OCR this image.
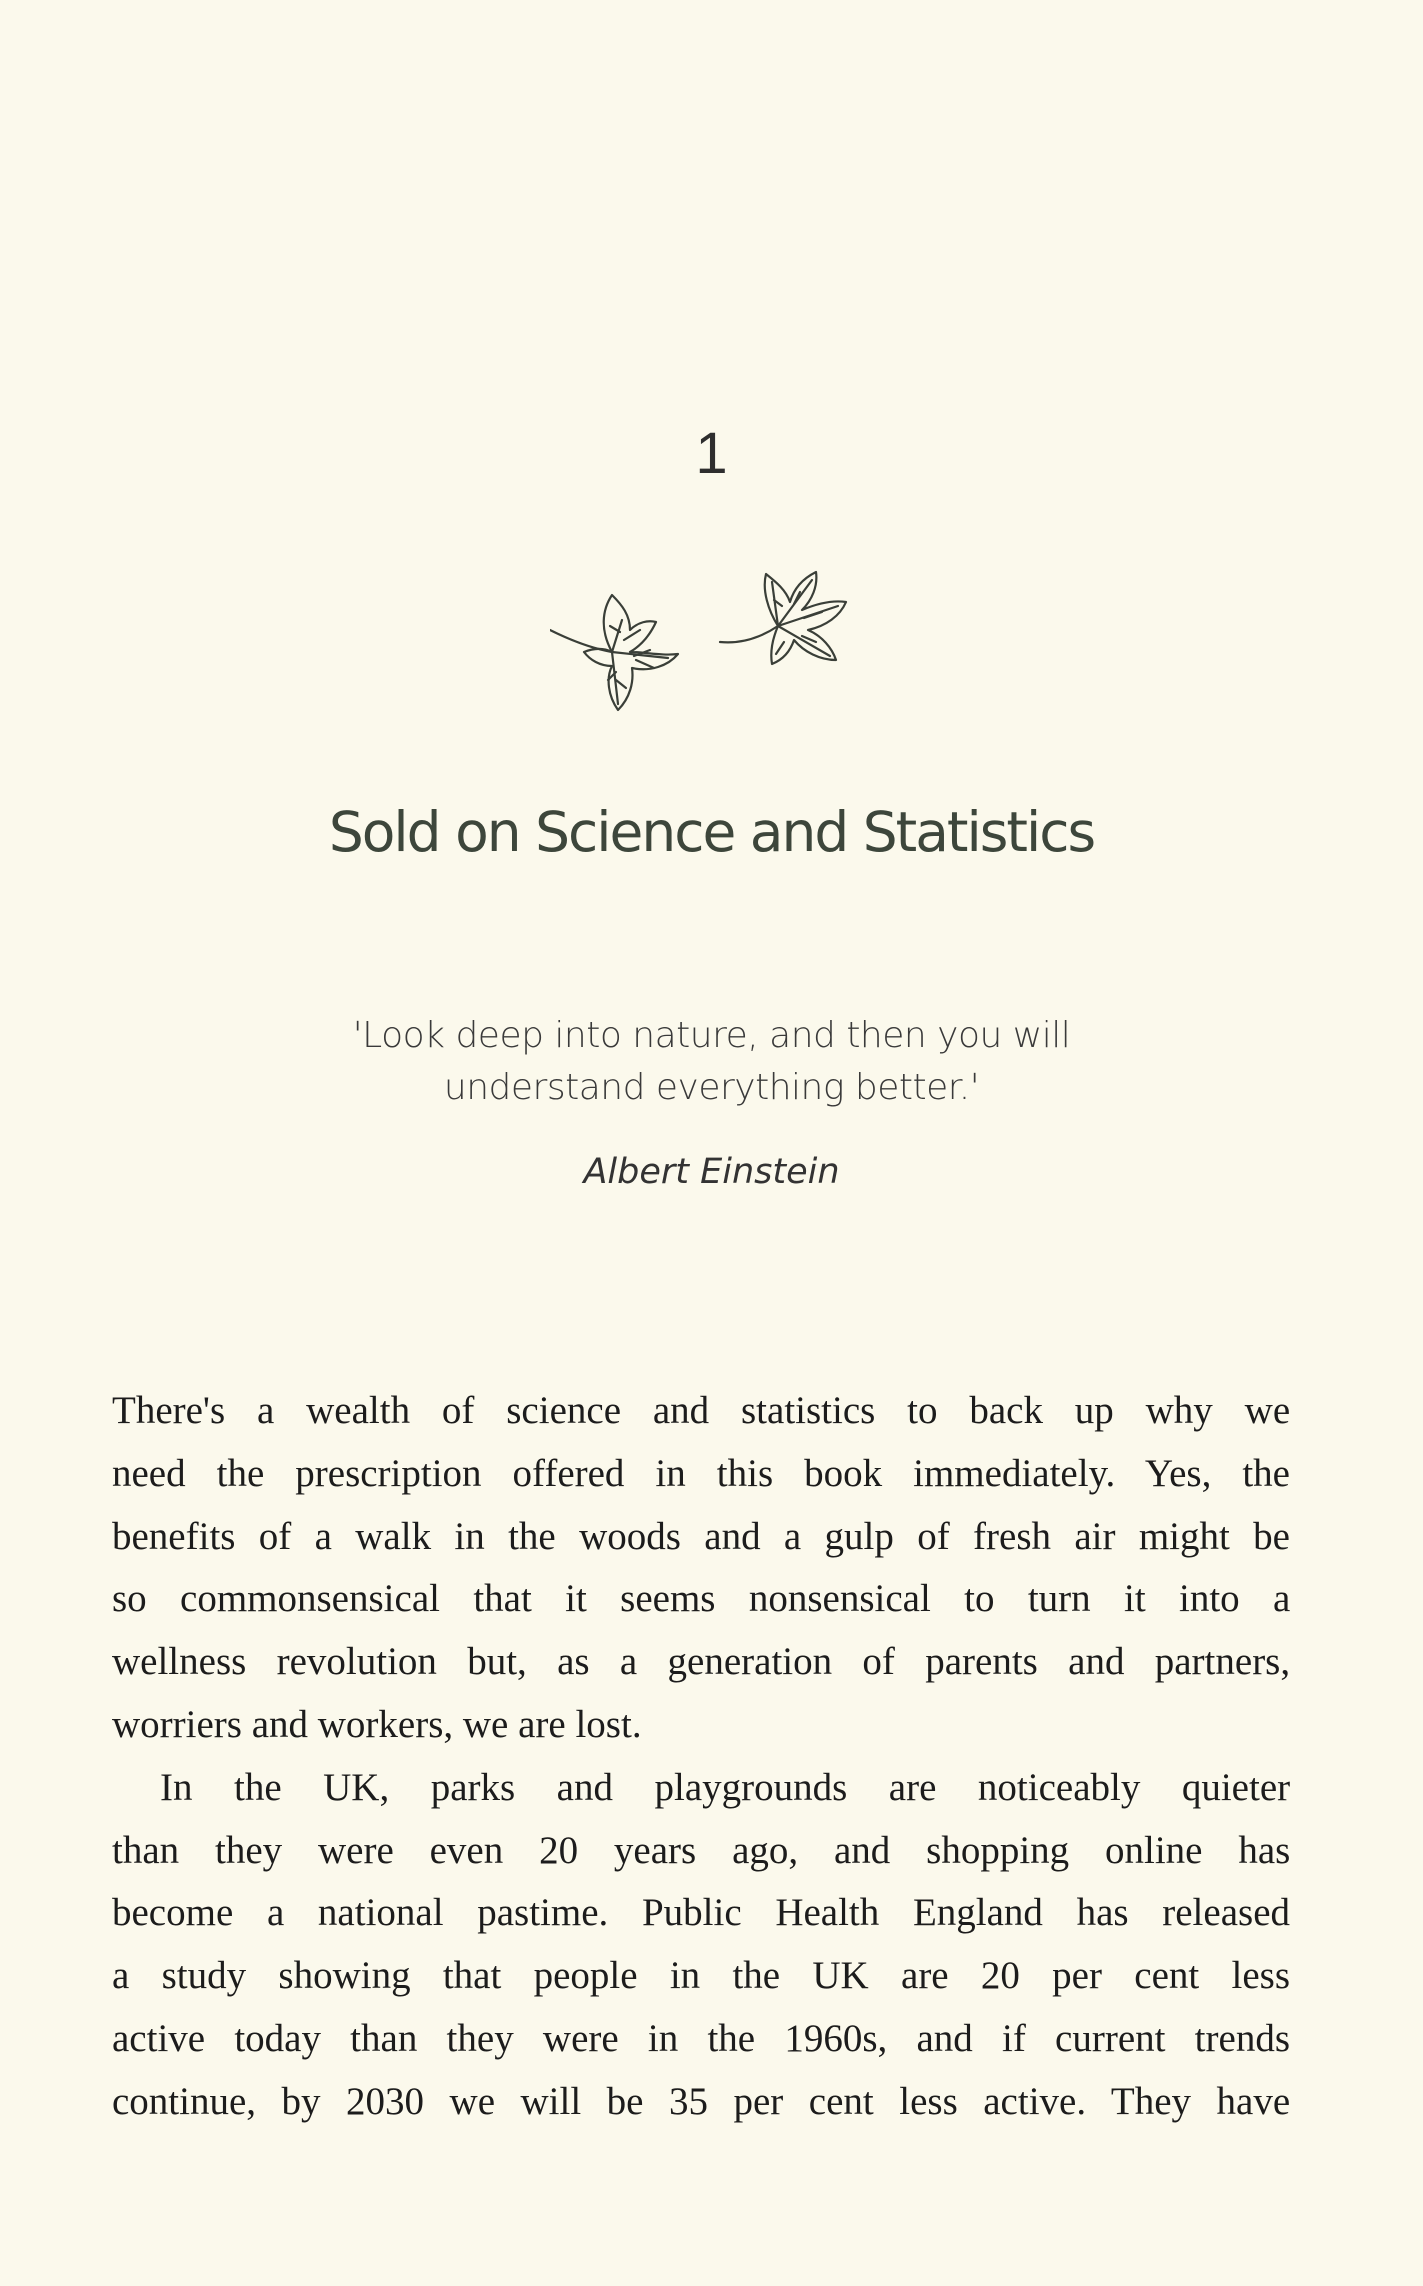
1
Sold on Science and Statistics
'Look deep into nature, and then you will
understand everything better.'
Albert Einstein
There's a wealth of science and statistics to back up why we
need the prescription offered in this book immediately. Yes, the
benefits of a walk in the woods and a gulp of fresh air might be
so commonsensical that it seems nonsensical to turn it into a
wellness revolution but, as a generation of parents and partners,
worriers and workers, we are lost.
In the UK, parks and playgrounds are noticeably quieter
than they were even 20 years ago, and shopping online has
become a national pastime. Public Health England has released
a study showing that people in the UK are 20 per cent less
active today than they were in the 1960s, and if current trends
continue, by 2030 we will be 35 per cent less active. They have
